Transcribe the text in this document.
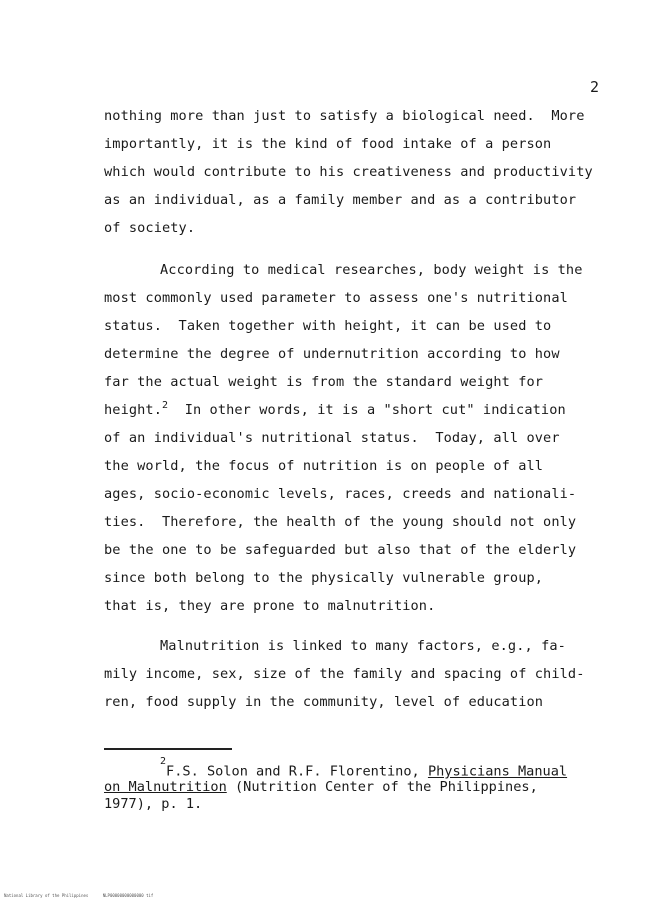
2
nothing more than just to satisfy a biological need.  More
importantly, it is the kind of food intake of a person
which would contribute to his creativeness and productivity
as an individual, as a family member and as a contributor
of society.
According to medical researches, body weight is the
most commonly used parameter to assess one's nutritional
status.  Taken together with height, it can be used to
determine the degree of undernutrition according to how
far the actual weight is from the standard weight for
height.$^2$  In other words, it is a "short cut" indication
of an individual's nutritional status.  Today, all over
the world, the focus of nutrition is on people of all
ages, socio-economic levels, races, creeds and nationali-
ties.  Therefore, the health of the young should not only
be the one to be safeguarded but also that of the elderly
since both belong to the physically vulnerable group,
that is, they are prone to malnutrition.
Malnutrition is linked to many factors, e.g., fa-
mily income, sex, size of the family and spacing of child-
ren, food supply in the community, level of education
$^2$F.S. Solon and R.F. Florentino, Physicians Manual
on Malnutrition (Nutrition Center of the Philippines,
1977), p. 1.
National Library of the Philippines      NLP00000000000000 tif
